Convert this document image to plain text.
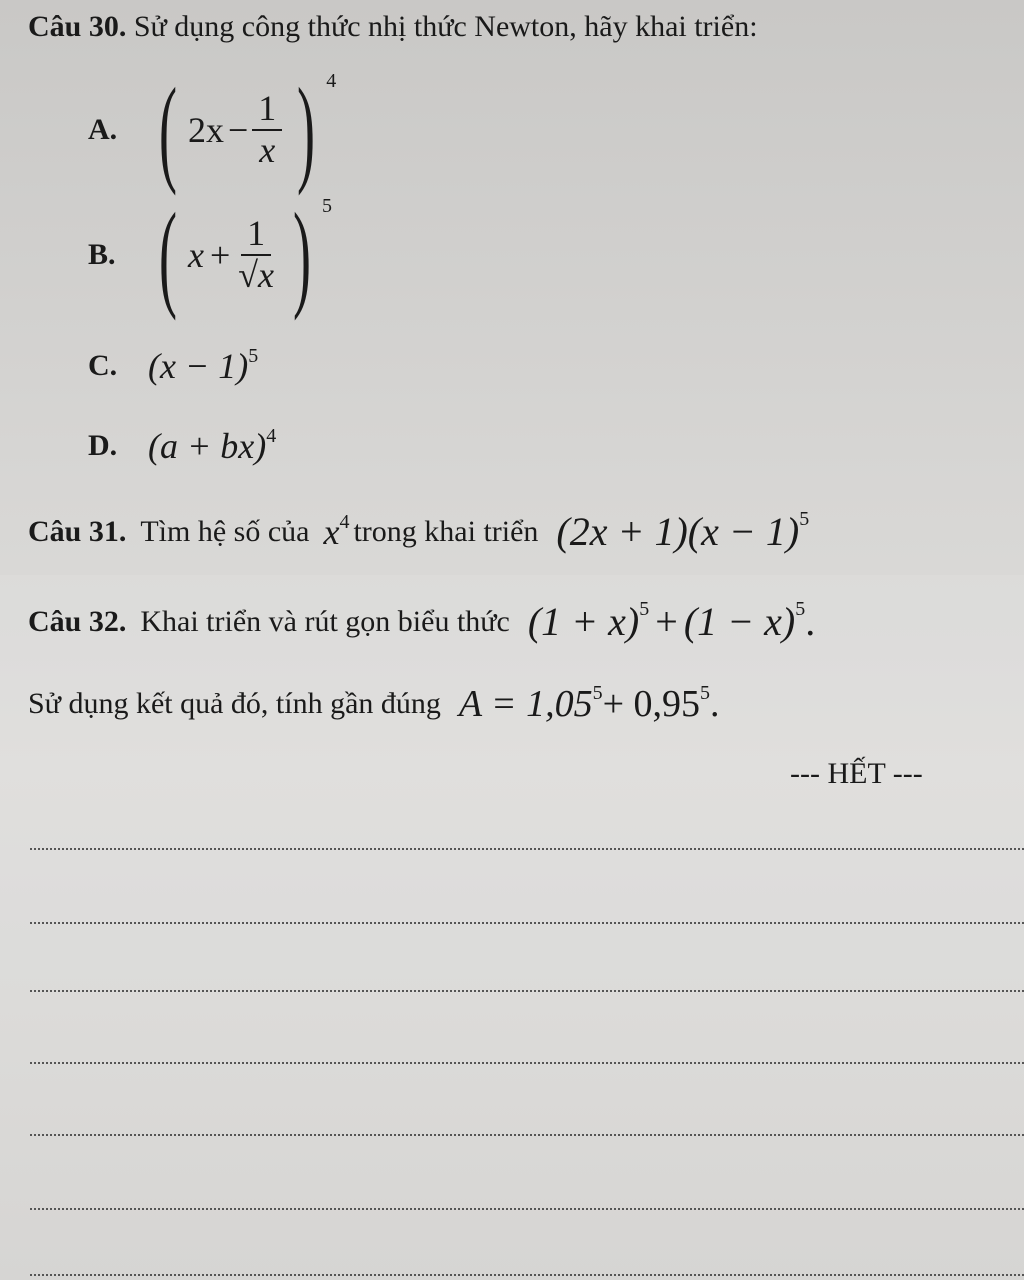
Câu 30. Sử dụng công thức nhị thức Newton, hãy khai triển:
A. ( $2x - \frac{1}{x}$ ) 4
B. ( $x + \frac{1}{√x}$ ) 5
C. (x − 1) 5
D. (a + bx) 4
Câu 31. Tìm hệ số của x 4 trong khai triển (2x + 1)(x − 1) 5
Câu 32. Khai triển và rút gọn biểu thức (1 + x) 5 + (1 − x) 5 .
Sử dụng kết quả đó, tính gần đúng A = 1,05 5 + 0,95 5 .
--- HẾT ---
